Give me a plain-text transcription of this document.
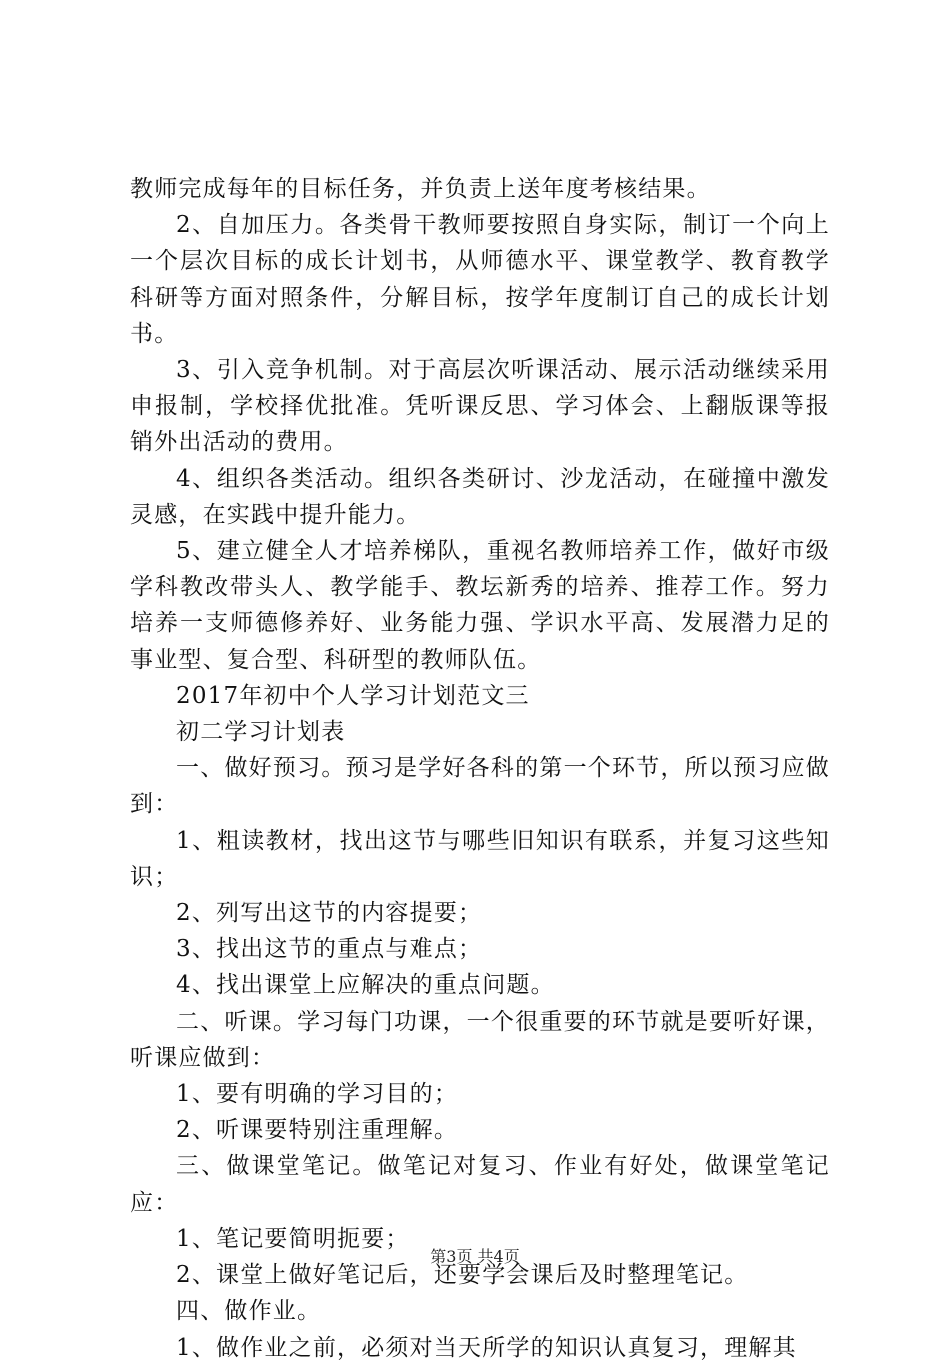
教师完成每年的目标任务，并负责上送年度考核结果。

2、自加压力。各类骨干教师要按照自身实际，制订一个向上一个层次目标的成长计划书，从师德水平、课堂教学、教育教学科研等方面对照条件，分解目标，按学年度制订自己的成长计划书。

3、引入竞争机制。对于高层次听课活动、展示活动继续采用申报制，学校择优批准。凭听课反思、学习体会、上翻版课等报销外出活动的费用。

4、组织各类活动。组织各类研讨、沙龙活动，在碰撞中激发灵感，在实践中提升能力。

5、建立健全人才培养梯队，重视名教师培养工作，做好市级学科教改带头人、教学能手、教坛新秀的培养、推荐工作。努力培养一支师德修养好、业务能力强、学识水平高、发展潜力足的事业型、复合型、科研型的教师队伍。

2017年初中个人学习计划范文三

初二学习计划表

一、做好预习。预习是学好各科的第一个环节，所以预习应做到：

1、粗读教材，找出这节与哪些旧知识有联系，并复习这些知识；

2、列写出这节的内容提要；

3、找出这节的重点与难点；

4、找出课堂上应解决的重点问题。

二、听课。学习每门功课，一个很重要的环节就是要听好课，听课应做到：

1、要有明确的学习目的；

2、听课要特别注重理解。

三、做课堂笔记。做笔记对复习、作业有好处，做课堂笔记应：

1、笔记要简明扼要；

2、课堂上做好笔记后，还要学会课后及时整理笔记。

四、做作业。

1、做作业之前，必须对当天所学的知识认真复习，理解其

第3页 共4页
